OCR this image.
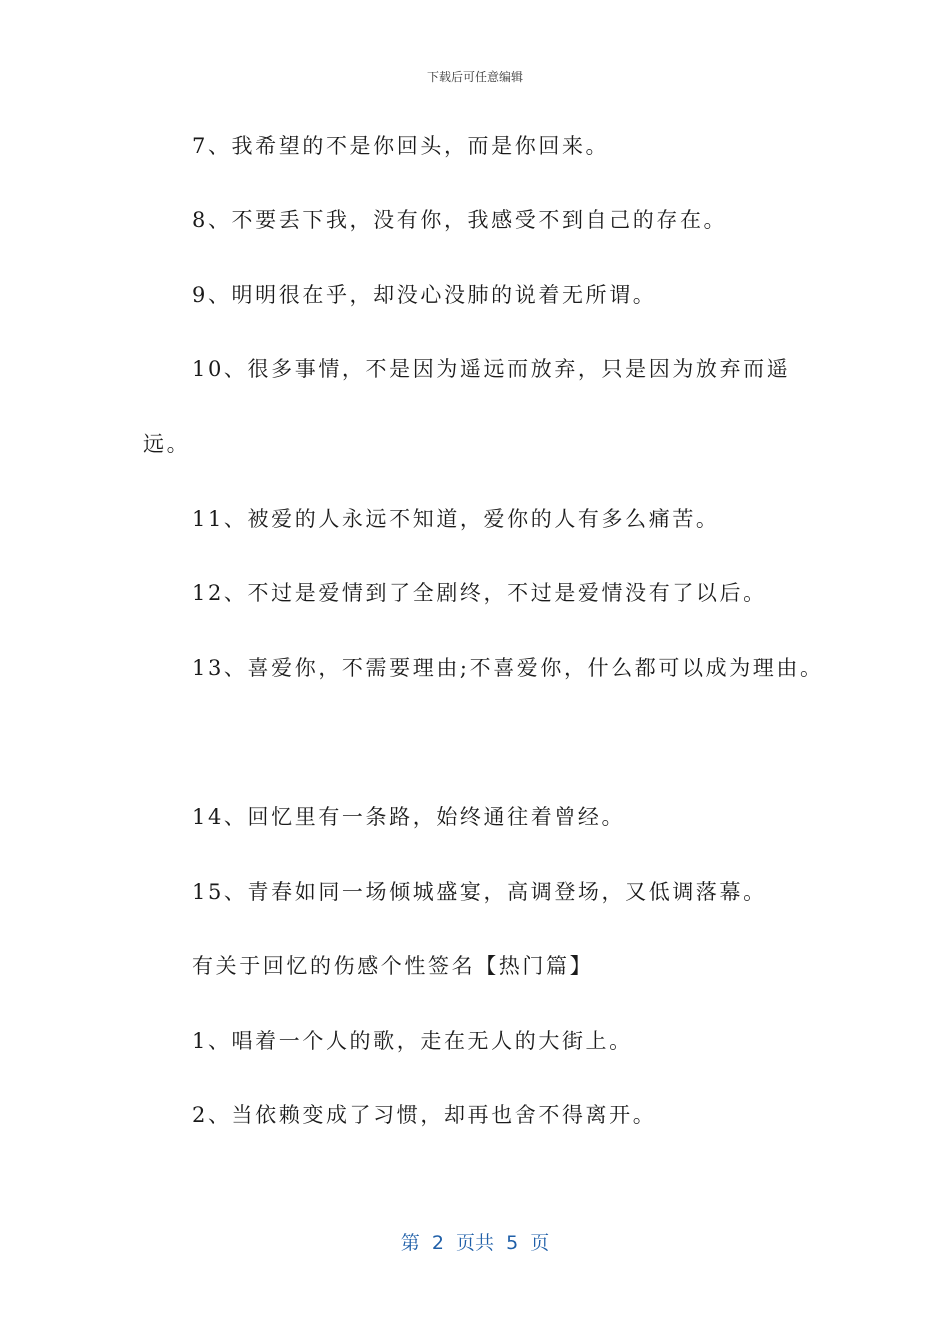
下载后可任意编辑
7、我希望的不是你回头，而是你回来。
8、不要丢下我，没有你，我感受不到自己的存在。
9、明明很在乎，却没心没肺的说着无所谓。
10、很多事情，不是因为遥远而放弃，只是因为放弃而遥
远。
11、被爱的人永远不知道，爱你的人有多么痛苦。
12、不过是爱情到了全剧终，不过是爱情没有了以后。
13、喜爱你，不需要理由;不喜爱你，什么都可以成为理由。
14、回忆里有一条路，始终通往着曾经。
15、青春如同一场倾城盛宴，高调登场，又低调落幕。
有关于回忆的伤感个性签名【热门篇】
1、唱着一个人的歌，走在无人的大街上。
2、当依赖变成了习惯，却再也舍不得离开。
第  2  页共  5  页
